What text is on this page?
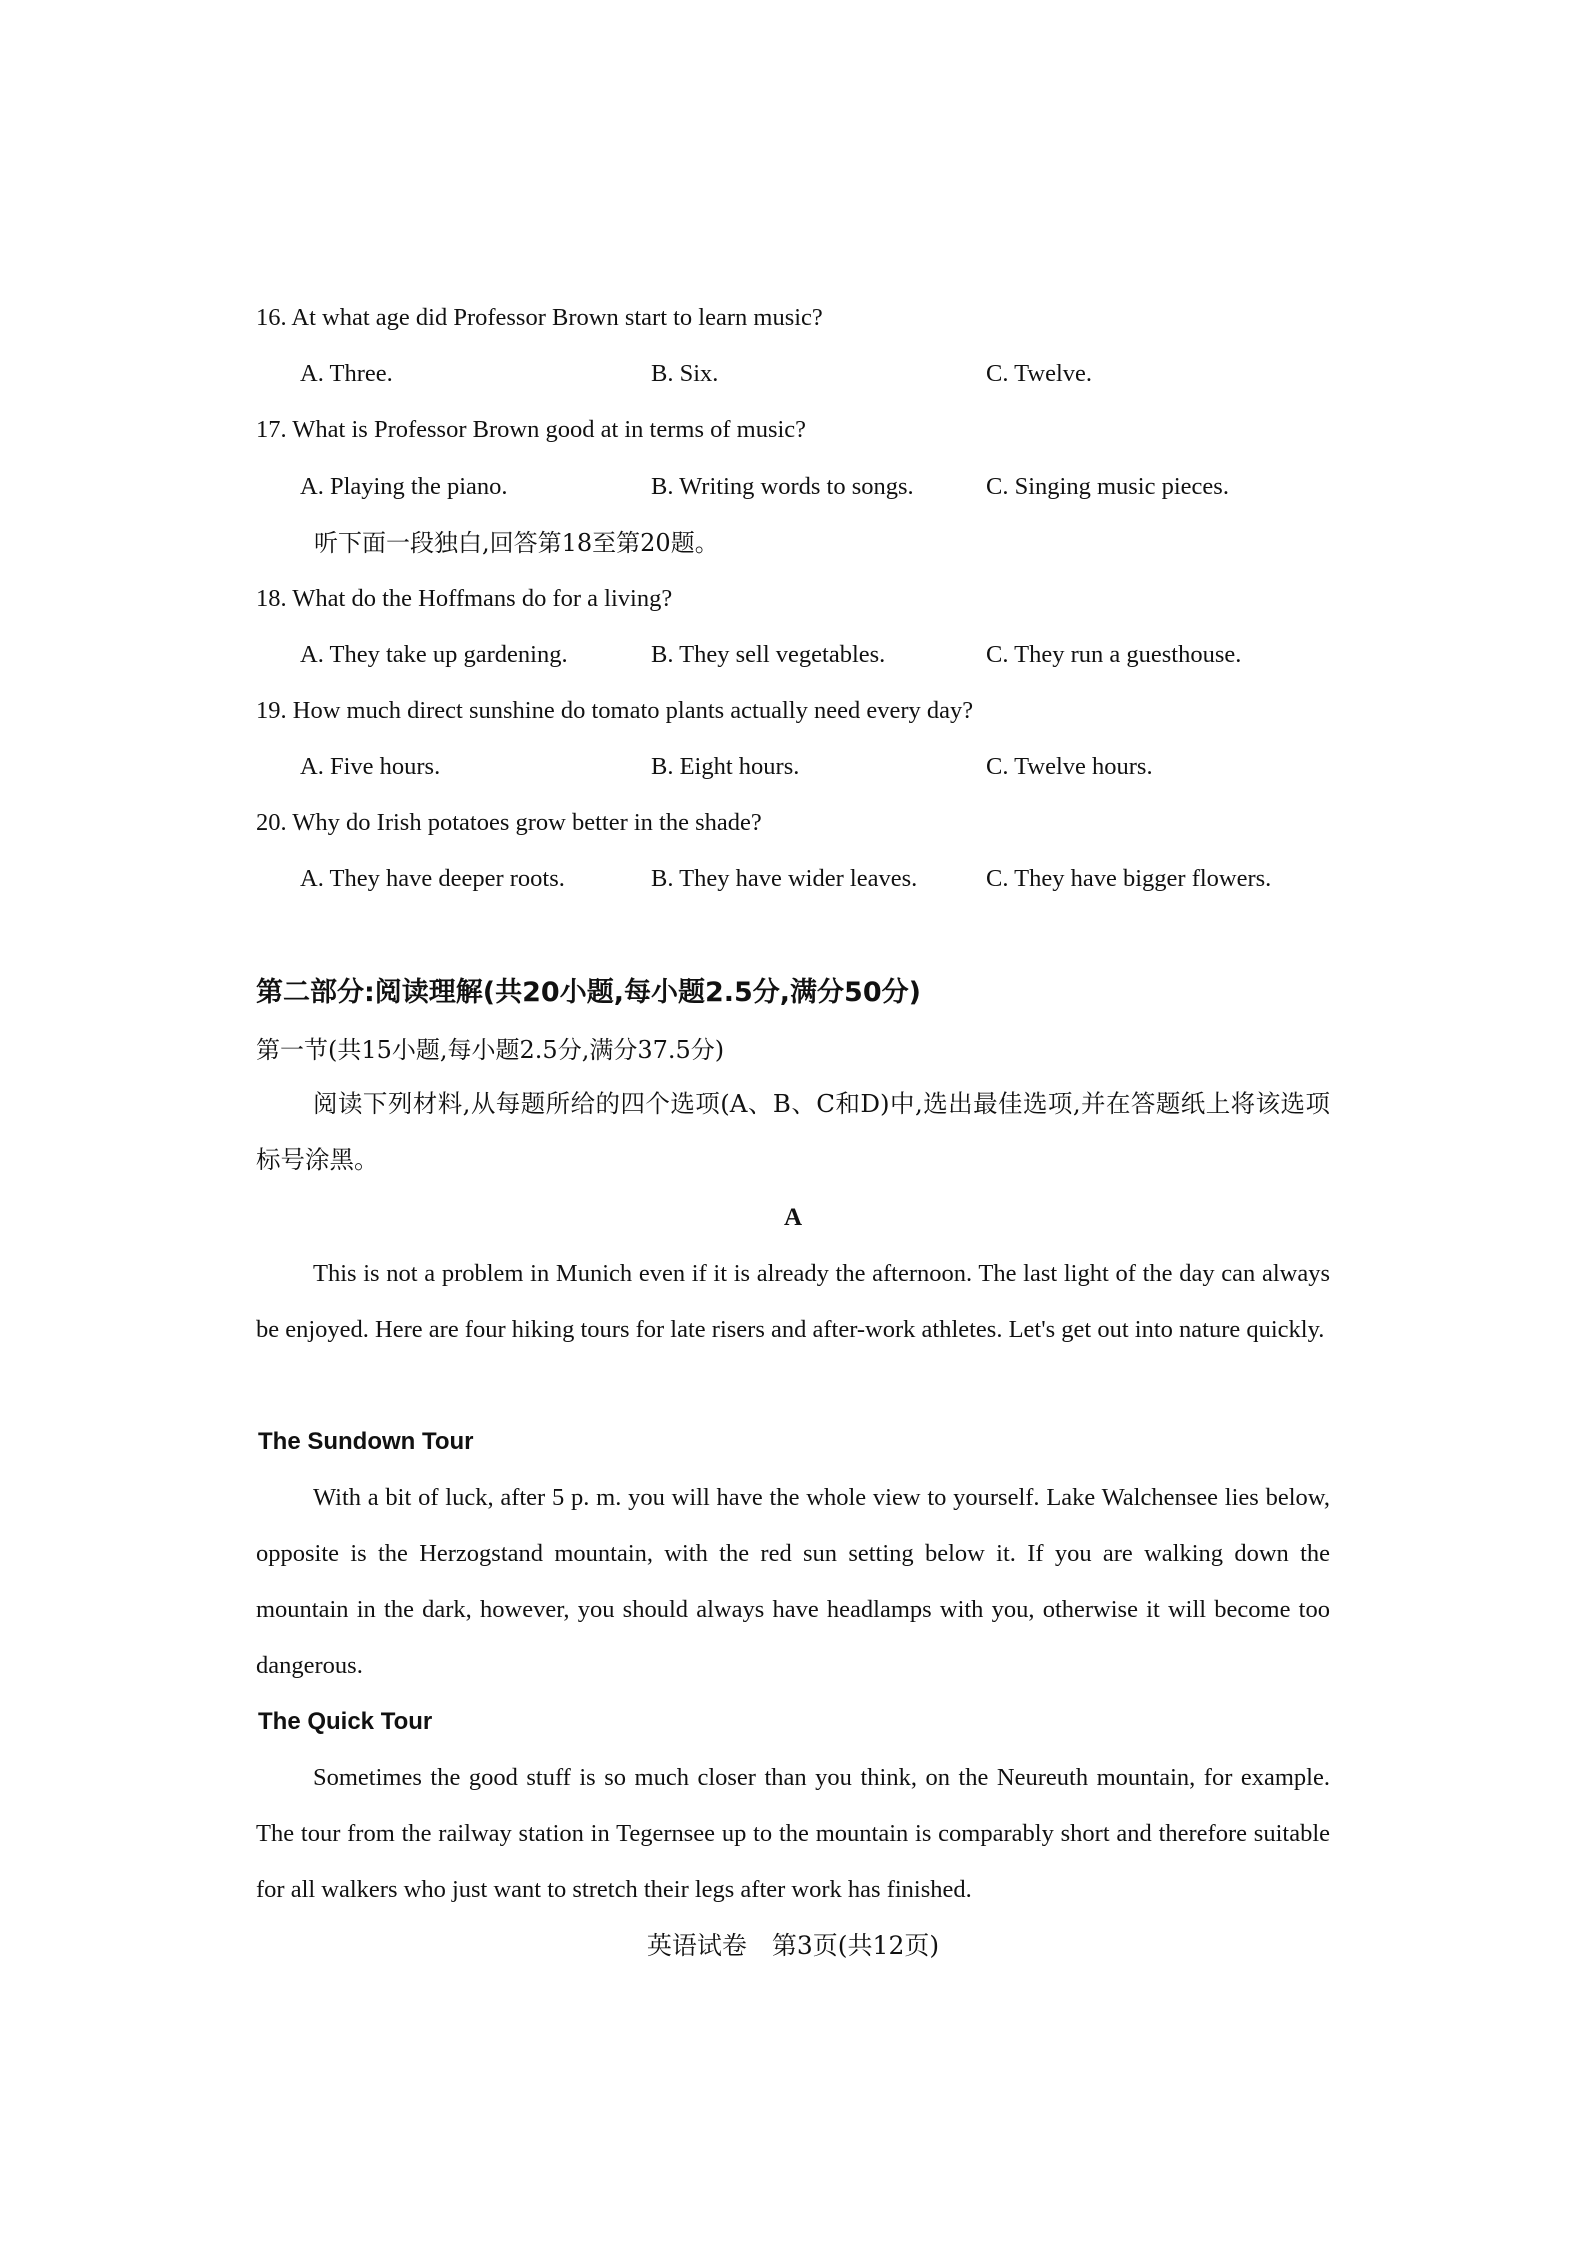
16. At what age did Professor Brown start to learn music?
A. Three.	B. Six.	C. Twelve.
17. What is Professor Brown good at in terms of music?
A. Playing the piano.	B. Writing words to songs.	C. Singing music pieces.
听下面一段独白,回答第18至第20题。
18. What do the Hoffmans do for a living?
A. They take up gardening.	B. They sell vegetables.	C. They run a guesthouse.
19. How much direct sunshine do tomato plants actually need every day?
A. Five hours.	B. Eight hours.	C. Twelve hours.
20. Why do Irish potatoes grow better in the shade?
A. They have deeper roots.	B. They have wider leaves.	C. They have bigger flowers.
第二部分:阅读理解(共20小题,每小题2.5分,满分50分)
第一节(共15小题,每小题2.5分,满分37.5分)
阅读下列材料,从每题所给的四个选项(A、B、C和D)中,选出最佳选项,并在答题纸上将该选项标号涂黑。
A
This is not a problem in Munich even if it is already the afternoon. The last light of the day can always be enjoyed. Here are four hiking tours for late risers and after-work athletes. Let's get out into nature quickly.
The Sundown Tour
With a bit of luck, after 5 p. m. you will have the whole view to yourself. Lake Walchensee lies below, opposite is the Herzogstand mountain, with the red sun setting below it. If you are walking down the mountain in the dark, however, you should always have headlamps with you, otherwise it will become too dangerous.
The Quick Tour
Sometimes the good stuff is so much closer than you think, on the Neureuth mountain, for example. The tour from the railway station in Tegernsee up to the mountain is comparably short and therefore suitable for all walkers who just want to stretch their legs after work has finished.
英语试卷　第3页(共12页)
